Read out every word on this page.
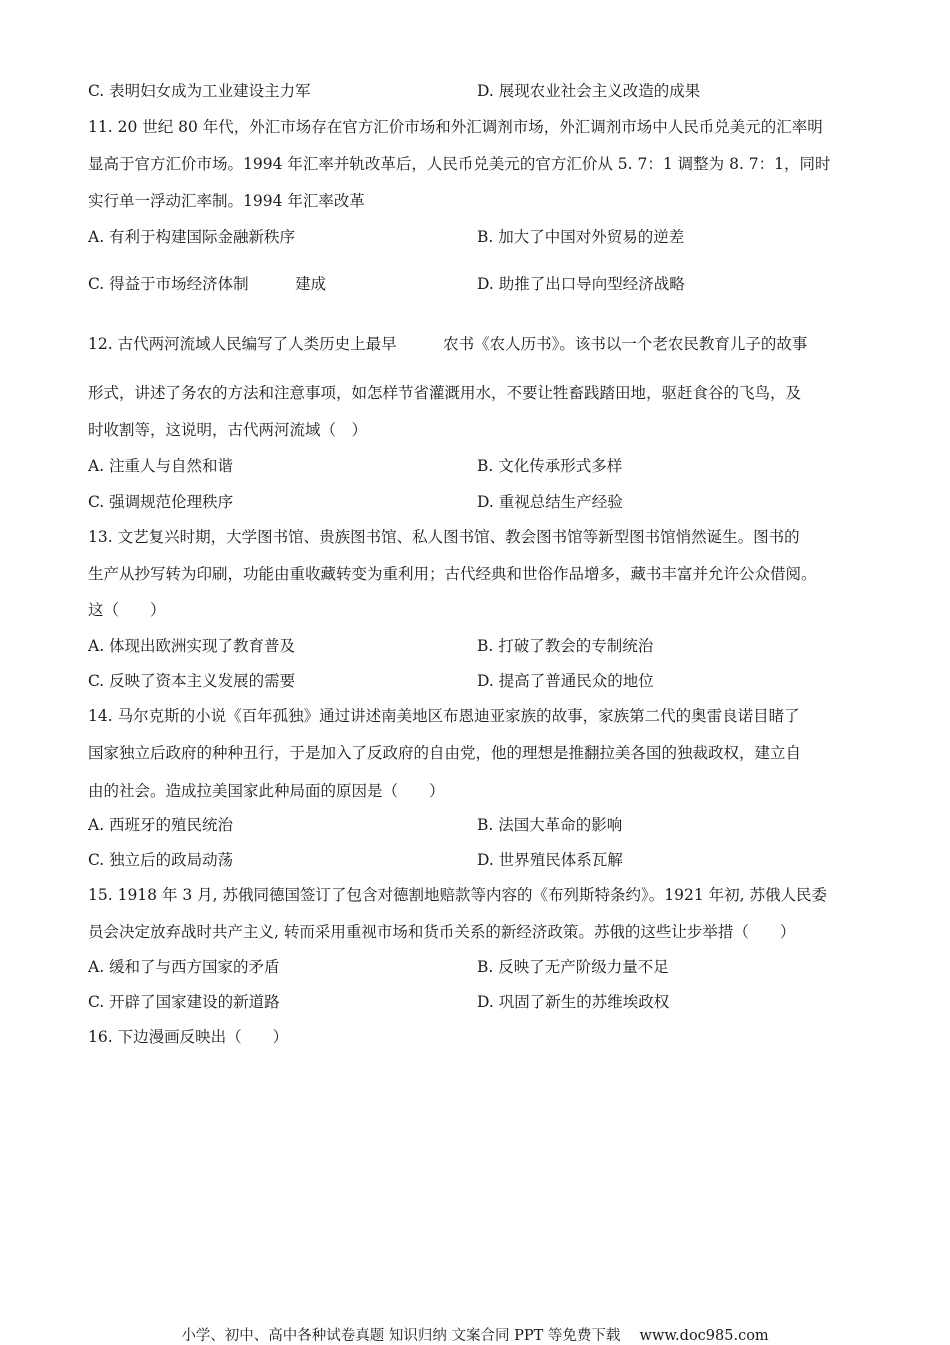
C. 表明妇女成为工业建设主力军	D. 展现农业社会主义改造的成果
11. 20 世纪 80 年代，外汇市场存在官方汇价市场和外汇调剂市场，外汇调剂市场中人民币兑美元的汇率明
显高于官方汇价市场。1994 年汇率并轨改革后，人民币兑美元的官方汇价从 5. 7：1 调整为 8. 7：1，同时
实行单一浮动汇率制。1994 年汇率改革
A. 有利于构建国际金融新秩序	B. 加大了中国对外贸易的逆差
C. 得益于市场经济体制　　　建成	D. 助推了出口导向型经济战略
12. 古代两河流域人民编写了人类历史上最早　　　农书《农人历书》。该书以一个老农民教育儿子的故事
形式，讲述了务农的方法和注意事项，如怎样节省灌溉用水，不要让牲畜践踏田地，驱赶食谷的飞鸟，及
时收割等，这说明，古代两河流域（　）
A. 注重人与自然和谐	B. 文化传承形式多样
C. 强调规范伦理秩序	D. 重视总结生产经验
13. 文艺复兴时期，大学图书馆、贵族图书馆、私人图书馆、教会图书馆等新型图书馆悄然诞生。图书的
生产从抄写转为印刷，功能由重收藏转变为重利用；古代经典和世俗作品增多，藏书丰富并允许公众借阅。
这（　　）
A. 体现出欧洲实现了教育普及	B. 打破了教会的专制统治
C. 反映了资本主义发展的需要	D. 提高了普通民众的地位
14. 马尔克斯的小说《百年孤独》通过讲述南美地区布恩迪亚家族的故事，家族第二代的奥雷良诺目睹了
国家独立后政府的种种丑行，于是加入了反政府的自由党，他的理想是推翻拉美各国的独裁政权，建立自
由的社会。造成拉美国家此种局面的原因是（　　）
A. 西班牙的殖民统治	B. 法国大革命的影响
C. 独立后的政局动荡	D. 世界殖民体系瓦解
15. 1918 年 3 月, 苏俄同德国签订了包含对德割地赔款等内容的《布列斯特条约》。1921 年初, 苏俄人民委
员会决定放弃战时共产主义, 转而采用重视市场和货币关系的新经济政策。苏俄的这些让步举措（　　）
A. 缓和了与西方国家的矛盾	B. 反映了无产阶级力量不足
C. 开辟了国家建设的新道路	D. 巩固了新生的苏维埃政权
16. 下边漫画反映出（　　）
小学、初中、高中各种试卷真题 知识归纳 文案合同 PPT 等免费下载　 www.doc985.com
